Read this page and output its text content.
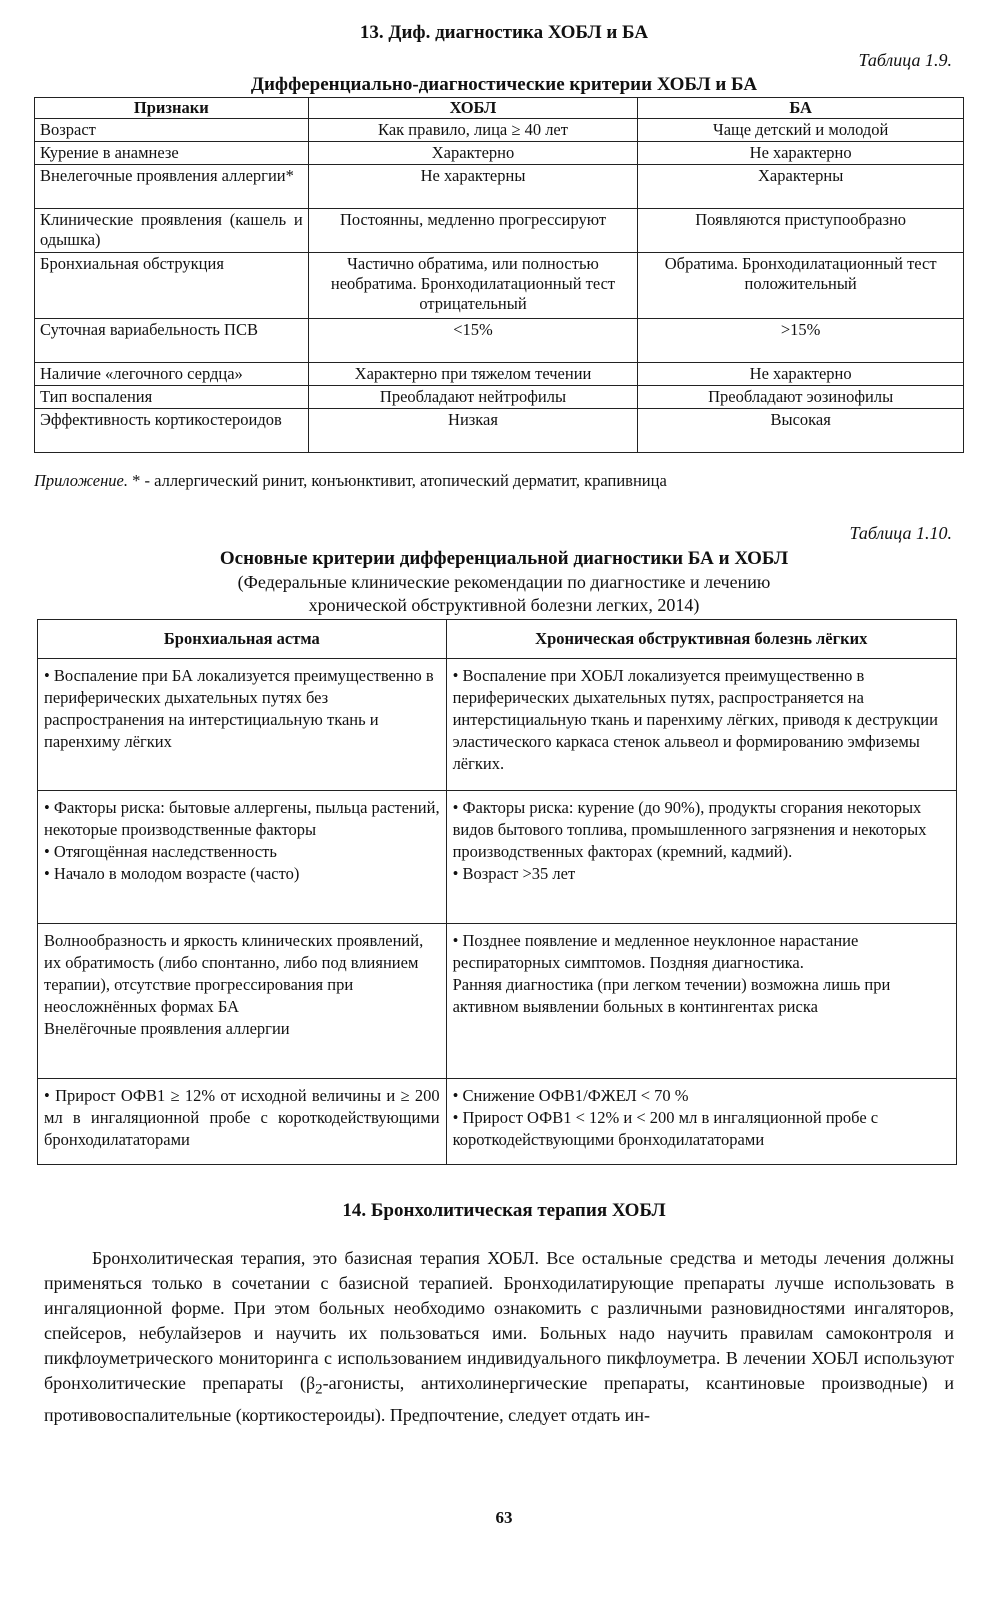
13. Диф. диагностика ХОБЛ и БА
Таблица 1.9.
Дифференциально-диагностические критерии ХОБЛ и БА
Признаки	ХОБЛ	БА
Возраст	Как правило, лица ≥ 40 лет	Чаще детский и молодой
Курение в анамнезе	Характерно	Не характерно
Внелегочные проявления аллергии*	Не характерны	Характерны
Клинические проявления (кашель и одышка)	Постоянны, медленно прогрессируют	Появляются приступообразно
Бронхиальная обструкция	Частично обратима, или полностью необратима. Бронходилатационный тест отрицательный	Обратима. Бронходилатационный тест положительный
Суточная вариабельность ПСВ	<15%	>15%
Наличие «легочного сердца»	Характерно при тяжелом течении	Не характерно
Тип воспаления	Преобладают нейтрофилы	Преобладают эозинофилы
Эффективность кортикостероидов	Низкая	Высокая
Приложение. * - аллергический ринит, конъюнктивит, атопический дерматит, крапивница
Таблица 1.10.
Основные критерии дифференциальной диагностики БА и ХОБЛ
(Федеральные клинические рекомендации по диагностике и лечению
хронической обструктивной болезни легких, 2014)
Бронхиальная астма	Хроническая обструктивная болезнь лёгких

• Воспаление при БА локализуется преимущественно в периферических дыхательных путях без распространения на интерстициальную ткань и паренхиму лёгких	• Воспаление при ХОБЛ локализуется преимущественно в периферических дыхательных путях, распространяется на интерстициальную ткань и паренхиму лёгких, приводя к деструкции эластического каркаса стенок альвеол и формированию эмфиземы лёгких.

• Факторы риска: бытовые аллергены, пыльца растений, некоторые производственные факторы
• Отягощённая наследственность
• Начало в молодом возрасте (часто)	• Факторы риска: курение (до 90%), продукты сгорания некоторых видов бытового топлива, промышленного загрязнения и некоторых производственных факторах (кремний, кадмий).
• Возраст >35 лет

Волнообразность и яркость клинических проявлений, их обратимость (либо спонтанно, либо под влиянием терапии), отсутствие прогрессирования при неосложнённых формах БА
Внелёгочные проявления аллергии	• Позднее появление и медленное неуклонное нарастание респираторных симптомов. Поздняя диагностика.
Ранняя диагностика (при легком течении) возможна лишь при активном выявлении больных в контингентах риска

• Прирост ОФВ1 ≥ 12% от исходной величины и ≥ 200 мл в ингаляционной пробе с короткодействующими бронходилататорами	• Снижение ОФВ1/ФЖЕЛ < 70 %
• Прирост ОФВ1 < 12% и < 200 мл в ингаляционной пробе с короткодействующими бронходилататорами
14. Бронхолитическая терапия ХОБЛ
Бронхолитическая терапия, это базисная терапия ХОБЛ. Все остальные средства и методы лечения должны применяться только в сочетании с базисной терапией. Бронходилатирующие препараты лучше использовать в ингаляционной форме. При этом больных необходимо ознакомить с различными разновидностями ингаляторов, спейсеров, небулайзеров и научить их пользоваться ими. Больных надо научить правилам самоконтроля и пикфлоуметрического мониторинга с использованием индивидуального пикфлоуметра. В лечении ХОБЛ используют бронхолитические препараты ($\beta_2$-агонисты, антихолинергические препараты, ксантиновые производные) и противовоспалительные (кортикостероиды). Предпочтение, следует отдать ин-
63
